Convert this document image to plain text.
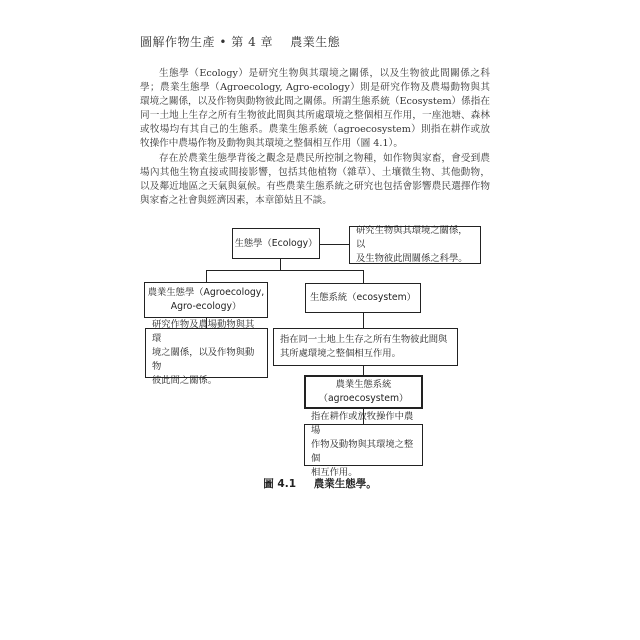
圖解作物生產 • 第 4 章 農業生態

生態學（Ecology）是研究生物與其環境之關係，以及生物彼此間關係之科學；農業生態學（Agroecology, Agro-ecology）則是研究作物及農場動物與其環境之關係，以及作物與動物彼此間之關係。所謂生態系統（Ecosystem）係指在同一土地上生存之所有生物彼此間與其所處環境之整個相互作用，一座池塘、森林或牧場均有其自己的生態系。農業生態系統（agroecosystem）則指在耕作或放牧操作中農場作物及動物與其環境之整個相互作用（圖 4.1）。

存在於農業生態學背後之觀念是農民所控制之物種，如作物與家畜，會受到農場內其他生物直接或間接影響，包括其他植物（雜草）、土壤微生物、其他動物，以及鄰近地區之天氣與氣候。有些農業生態系統之研究也包括會影響農民選擇作物與家畜之社會與經濟因素，本章節姑且不談。

生態學（Ecology）
研究生物與其環境之關係，以
及生物彼此間關係之科學。
農業生態學（Agroecology,
Agro-ecology）
生態系統（ecosystem）
研究作物及農場動物與其環
境之關係，以及作物與動物
彼此間之關係。
指在同一土地上生存之所有生物彼此間與
其所處環境之整個相互作用。
農業生態系統
（agroecosystem）
指在耕作或放牧操作中農場
作物及動物與其環境之整個
相互作用。
圖 4.1 農業生態學。
